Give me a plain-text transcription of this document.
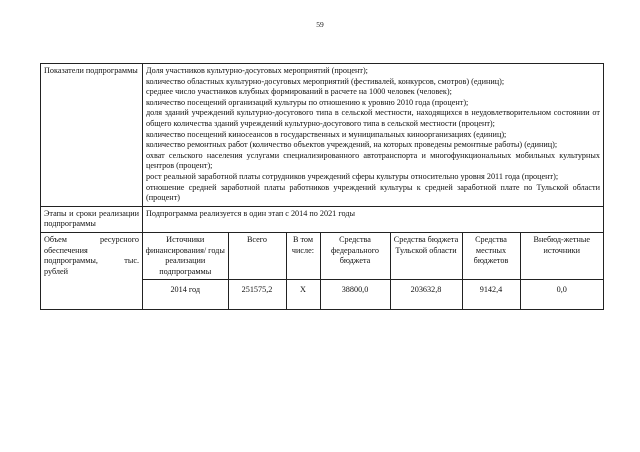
59
Показатели подпрограммы	Доля участников культурно-досуговых мероприятий (процент);
количество областных культурно-досуговых мероприятий (фестивалей, конкурсов, смотров) (единиц);
среднее число участников клубных формирований в расчете на 1000 человек (человек);
количество посещений организаций культуры по отношению к уровню 2010 года (процент);
доля зданий учреждений культурно-досугового типа в сельской местности, находящихся в неудовлетворительном состоянии от общего количества зданий учреждений культурно-досугового типа в сельской местности (процент);
количество посещений киносеансов в государственных и муниципальных киноорганизациях (единиц);
количество ремонтных работ (количество объектов учреждений, на которых проведены ремонтные работы) (единиц);
охват сельского населения услугами специализированного автотранспорта и многофункциональных мобильных культурных центров (процент);
рост реальной заработной платы сотрудников учреждений сферы культуры относительно уровня 2011 года (процент);
отношение средней заработной платы работников учреждений культуры к средней заработной плате по Тульской области (процент)

Этапы и сроки реализации подпрограммы	Подпрограмма реализуется в один этап с 2014 по 2021 годы
Объем ресурсного обеспечения подпрограммы, тыс. рублей	
Источники финансирования/ годы реализации подпрограммы	Всего	В том числе:	Средства федерального бюджета	Средства бюджета Тульской области	Средства местных бюджетов	Внебюд-жетные источники
2014 год	251575,2	Х	38800,0	203632,8	9142,4	0,0
